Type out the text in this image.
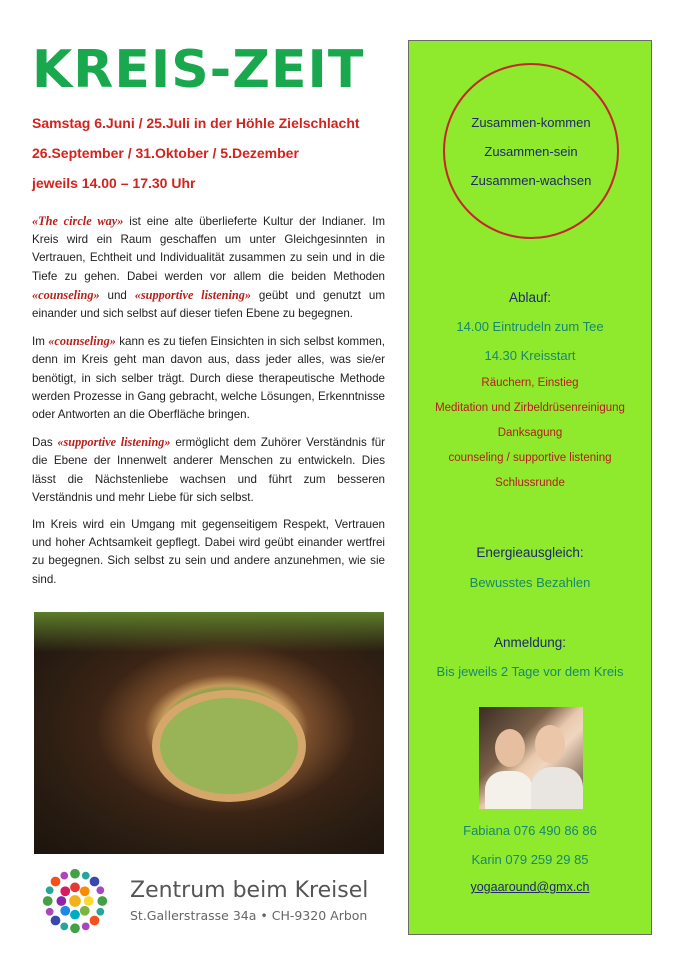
KREIS-ZEIT
Samstag 6.Juni / 25.Juli in der Höhle Zielschlacht
26.September / 31.Oktober / 5.Dezember
jeweils 14.00 – 17.30 Uhr

«The circle way» ist eine alte überlieferte Kultur der Indianer. Im Kreis wird ein Raum geschaffen um unter Gleichgesinnten in Vertrauen, Echtheit und Individualität zusammen zu sein und in die Tiefe zu gehen. Dabei werden vor allem die beiden Methoden «counseling» und «supportive listening» geübt und genutzt um einander und sich selbst auf dieser tiefen Ebene zu begegnen.

Im «counseling» kann es zu tiefen Einsichten in sich selbst kommen, denn im Kreis geht man davon aus, dass jeder alles, was sie/er benötigt, in sich selber trägt. Durch diese therapeutische Methode werden Prozesse in Gang gebracht, welche Lösungen, Erkenntnisse oder Antworten an die Oberfläche bringen.

Das «supportive listening» ermöglicht dem Zuhörer Verständnis für die Ebene der Innenwelt anderer Menschen zu entwickeln. Dies lässt die Nächstenliebe wachsen und führt zum besseren Verständnis und mehr Liebe für sich selbst.

Im Kreis wird ein Umgang mit gegenseitigem Respekt, Vertrauen und hoher Achtsamkeit gepflegt. Dabei wird geübt einander wertfrei zu begegnen. Sich selbst zu sein und andere anzunehmen, wie sie sind.

Zentrum beim Kreisel
St.Gallerstrasse 34a • CH-9320 Arbon
Zusammen-kommen
Zusammen-sein
Zusammen-wachsen
Ablauf:
14.00 Eintrudeln zum Tee
14.30 Kreisstart
Räuchern, Einstieg
Meditation und Zirbeldrüsenreinigung
Danksagung
counseling / supportive listening
Schlussrunde
Energieausgleich:
Bewusstes Bezahlen
Anmeldung:
Bis jeweils 2 Tage vor dem Kreis
Fabiana 076 490 86 86
Karin 079 259 29 85
yogaaround@gmx.ch
